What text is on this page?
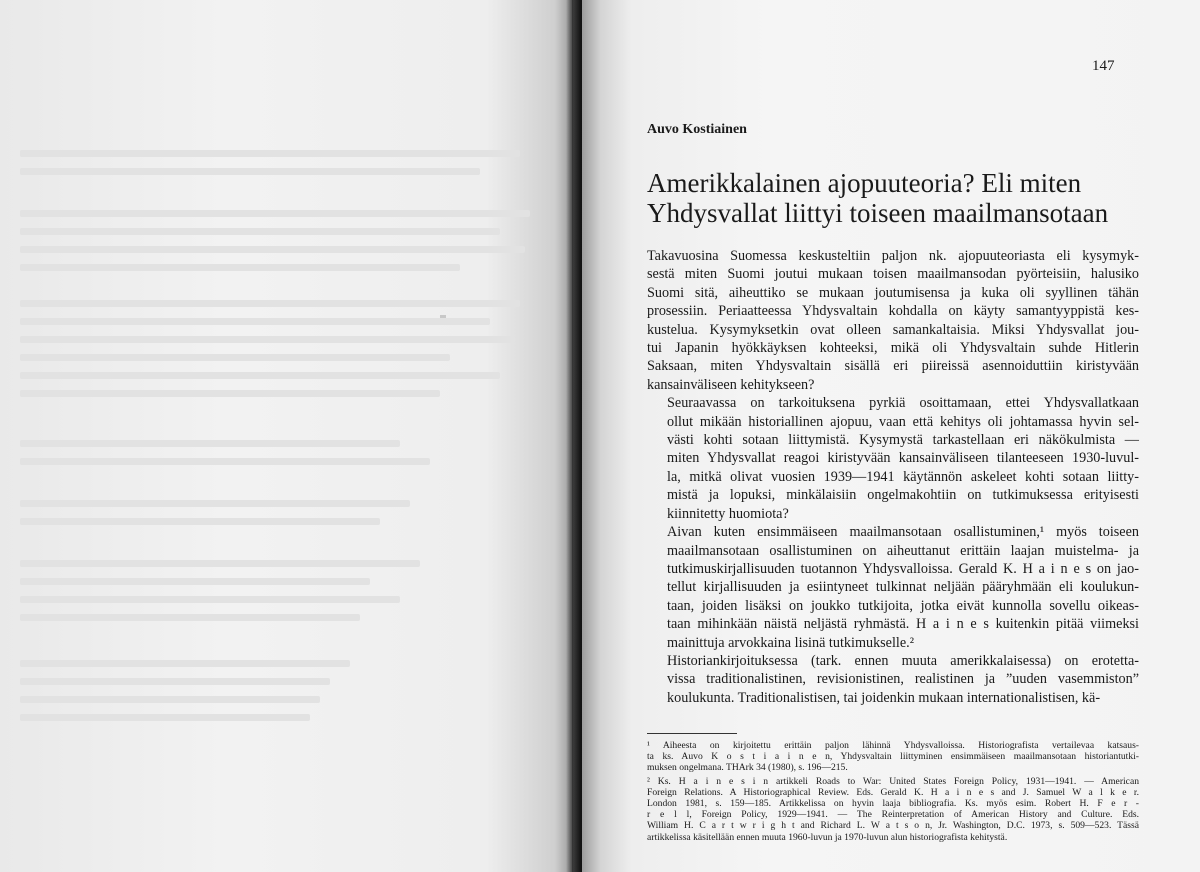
147
Auvo Kostiainen
Amerikkalainen ajopuuteoria? Eli miten
Yhdysvallat liittyi toiseen maailmansotaan

Takavuosina Suomessa keskusteltiin paljon nk. ajopuuteoriasta eli kysymyk-
sestä miten Suomi joutui mukaan toisen maailmansodan pyörteisiin, halusiko
Suomi sitä, aiheuttiko se mukaan joutumisensa ja kuka oli syyllinen tähän
prosessiin. Periaatteessa Yhdysvaltain kohdalla on käyty samantyyppistä kes-
kustelua. Kysymyksetkin ovat olleen samankaltaisia. Miksi Yhdysvallat jou-
tui Japanin hyökkäyksen kohteeksi, mikä oli Yhdysvaltain suhde Hitlerin
Saksaan, miten Yhdysvaltain sisällä eri piireissä asennoiduttiin kiristyvään
kansainväliseen kehitykseen?

Seuraavassa on tarkoituksena pyrkiä osoittamaan, ettei Yhdysvallatkaan
ollut mikään historiallinen ajopuu, vaan että kehitys oli johtamassa hyvin sel-
västi kohti sotaan liittymistä. Kysymystä tarkastellaan eri näkökulmista —
miten Yhdysvallat reagoi kiristyvään kansainväliseen tilanteeseen 1930-luvul-
la, mitkä olivat vuosien 1939—1941 käytännön askeleet kohti sotaan liitty-
mistä ja lopuksi, minkälaisiin ongelmakohtiin on tutkimuksessa erityisesti
kiinnitetty huomiota?

Aivan kuten ensimmäiseen maailmansotaan osallistuminen,¹ myös toiseen
maailmansotaan osallistuminen on aiheuttanut erittäin laajan muistelma- ja
tutkimuskirjallisuuden tuotannon Yhdysvalloissa. Gerald K. H a i n e s on jao-
tellut kirjallisuuden ja esiintyneet tulkinnat neljään pääryhmään eli koulukun-
taan, joiden lisäksi on joukko tutkijoita, jotka eivät kunnolla sovellu oikeas-
taan mihinkään näistä neljästä ryhmästä. H a i n e s kuitenkin pitää viimeksi
mainittuja arvokkaina lisinä tutkimukselle.²

Historiankirjoituksessa (tark. ennen muuta amerikkalaisessa) on erotetta-
vissa traditionalistinen, revisionistinen, realistinen ja ”uuden vasemmiston”
koulukunta. Traditionalistisen, tai joidenkin mukaan internationalistisen, kä-

¹ Aiheesta on kirjoitettu erittäin paljon lähinnä Yhdysvalloissa. Historiografista vertailevaa katsaus-
ta ks. Auvo K o s t i a i n e n, Yhdysvaltain liittyminen ensimmäiseen maailmansotaan historiantutki-
muksen ongelmana. THArk 34 (1980), s. 196—215.

² Ks. H a i n e s i n artikkeli Roads to War: United States Foreign Policy, 1931—1941. — American
Foreign Relations. A Historiographical Review. Eds. Gerald K. H a i n e s and J. Samuel W a l k e r.
London 1981, s. 159—185. Artikkelissa on hyvin laaja bibliografia. Ks. myös esim. Robert H. F e r -
r e l l, Foreign Policy, 1929—1941. — The Reinterpretation of American History and Culture. Eds.
William H. C a r t w r i g h t and Richard L. W a t s o n, Jr. Washington, D.C. 1973, s. 509—523. Tässä
artikkelissa käsitellään ennen muuta 1960-luvun ja 1970-luvun alun historiografista kehitystä.
